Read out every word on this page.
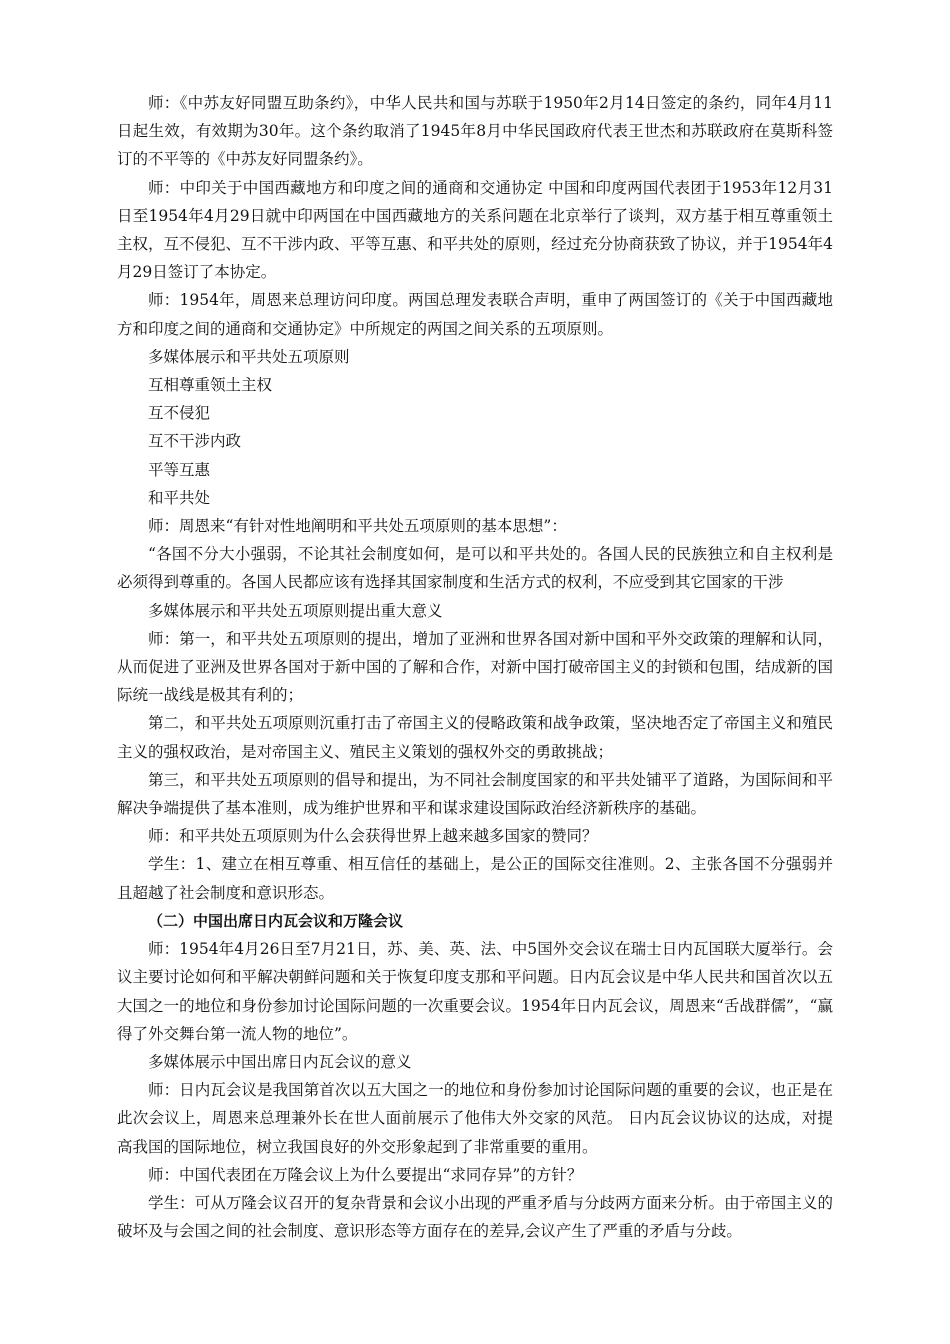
师：《中苏友好同盟互助条约》，中华人民共和国与苏联于1950年2月14日签定的条约，同年4月11日起生效，有效期为30年。这个条约取消了1945年8月中华民国政府代表王世杰和苏联政府在莫斯科签订的不平等的《中苏友好同盟条约》。

师：中印关于中国西藏地方和印度之间的通商和交通协定 中国和印度两国代表团于1953年12月31日至1954年4月29日就中印两国在中国西藏地方的关系问题在北京举行了谈判，双方基于相互尊重领土主权，互不侵犯、互不干涉内政、平等互惠、和平共处的原则，经过充分协商获致了协议，并于1954年4月29日签订了本协定。

师：1954年，周恩来总理访问印度。两国总理发表联合声明，重申了两国签订的《关于中国西藏地方和印度之间的通商和交通协定》中所规定的两国之间关系的五项原则。

多媒体展示和平共处五项原则

互相尊重领土主权

互不侵犯

互不干涉内政

平等互惠

和平共处

师：周恩来“有针对性地阐明和平共处五项原则的基本思想”：

“各国不分大小强弱，不论其社会制度如何，是可以和平共处的。各国人民的民族独立和自主权利是必须得到尊重的。各国人民都应该有选择其国家制度和生活方式的权利，不应受到其它国家的干涉

多媒体展示和平共处五项原则提出重大意义

师：第一，和平共处五项原则的提出，增加了亚洲和世界各国对新中国和平外交政策的理解和认同，从而促进了亚洲及世界各国对于新中国的了解和合作，对新中国打破帝国主义的封锁和包围，结成新的国际统一战线是极其有利的；

第二，和平共处五项原则沉重打击了帝国主义的侵略政策和战争政策，坚决地否定了帝国主义和殖民主义的强权政治，是对帝国主义、殖民主义策划的强权外交的勇敢挑战；

第三，和平共处五项原则的倡导和提出，为不同社会制度国家的和平共处铺平了道路，为国际间和平解决争端提供了基本准则，成为维护世界和平和谋求建设国际政治经济新秩序的基础。

师：和平共处五项原则为什么会获得世界上越来越多国家的赞同？

学生：1、建立在相互尊重、相互信任的基础上，是公正的国际交往准则。2、主张各国不分强弱并且超越了社会制度和意识形态。

（二）中国出席日内瓦会议和万隆会议

师：1954年4月26日至7月21日，苏、美、英、法、中5国外交会议在瑞士日内瓦国联大厦举行。会议主要讨论如何和平解决朝鲜问题和关于恢复印度支那和平问题。日内瓦会议是中华人民共和国首次以五大国之一的地位和身份参加讨论国际问题的一次重要会议。1954年日内瓦会议，周恩来“舌战群儒”，“赢得了外交舞台第一流人物的地位”。

多媒体展示中国出席日内瓦会议的意义

师：日内瓦会议是我国第首次以五大国之一的地位和身份参加讨论国际问题的重要的会议，也正是在此次会议上，周恩来总理兼外长在世人面前展示了他伟大外交家的风范。 日内瓦会议协议的达成，对提高我国的国际地位，树立我国良好的外交形象起到了非常重要的重用。

师：中国代表团在万隆会议上为什么要提出“求同存异”的方针？

学生：可从万隆会议召开的复杂背景和会议小出现的严重矛盾与分歧两方面来分析。由于帝国主义的破坏及与会国之间的社会制度、意识形态等方面存在的差异,会议产生了严重的矛盾与分歧。
